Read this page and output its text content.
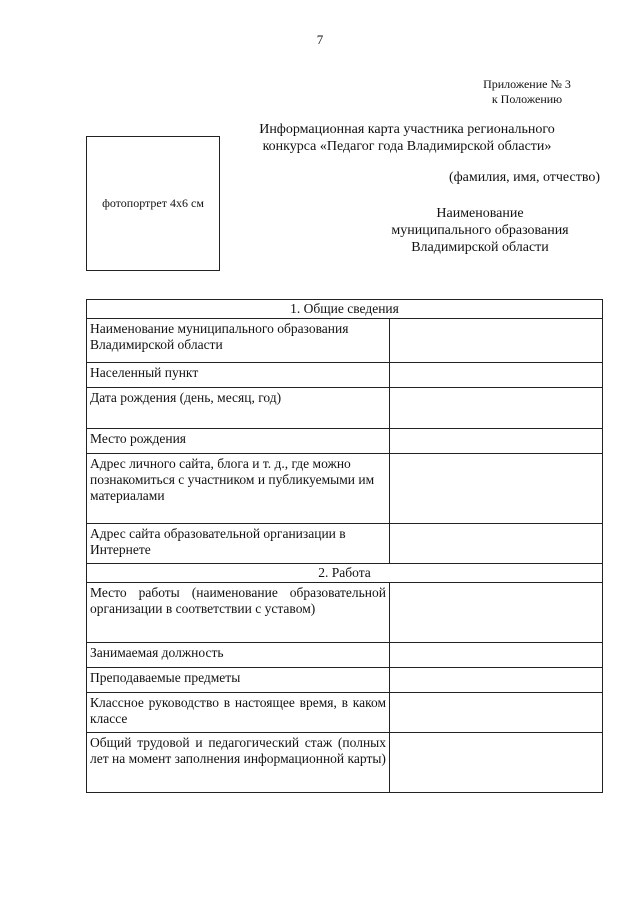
7
Приложение № 3
к Положению
фотопортрет 4x6 см
Информационная карта участника регионального
конкурса «Педагог года Владимирской области»
(фамилия, имя, отчество)
Наименование
муниципального образования
Владимирской области
1. Общие сведения	
Наименование муниципального образования Владимирской области	
Населенный пункт	
Дата рождения (день, месяц, год)	
Место рождения	
Адрес личного сайта, блога и т. д., где можно познакомиться с участником и публикуемыми им материалами	
Адрес сайта образовательной организации в Интернете	
2. Работа	
Место работы (наименование образовательной организации в соответствии с уставом)	
Занимаемая должность	
Преподаваемые предметы	
Классное руководство в настоящее время, в каком классе	
Общий трудовой и педагогический стаж (полных лет на момент заполнения информационной карты)	
